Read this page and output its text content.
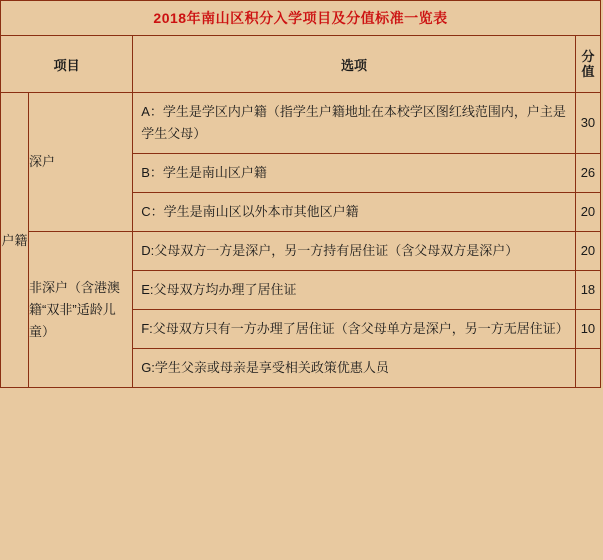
2018年南山区积分入学项目及分值标准一览表			
项目		选项	分值
户籍	深户	A：学生是学区内户籍（指学生户籍地址在本校学区图红线范围内，户主是学生父母）	30

		B：学生是南山区户籍	26

		C：学生是南山区以外本市其他区户籍	20
	非深户（含港澳籍“双非”适龄儿童）	D:父母双方一方是深户，另一方持有居住证（含父母双方是深户）	20

		E:父母双方均办理了居住证	18

		F:父母双方只有一方办理了居住证（含父母单方是深户，另一方无居住证）	10

		G:学生父亲或母亲是享受相关政策优惠人员	
